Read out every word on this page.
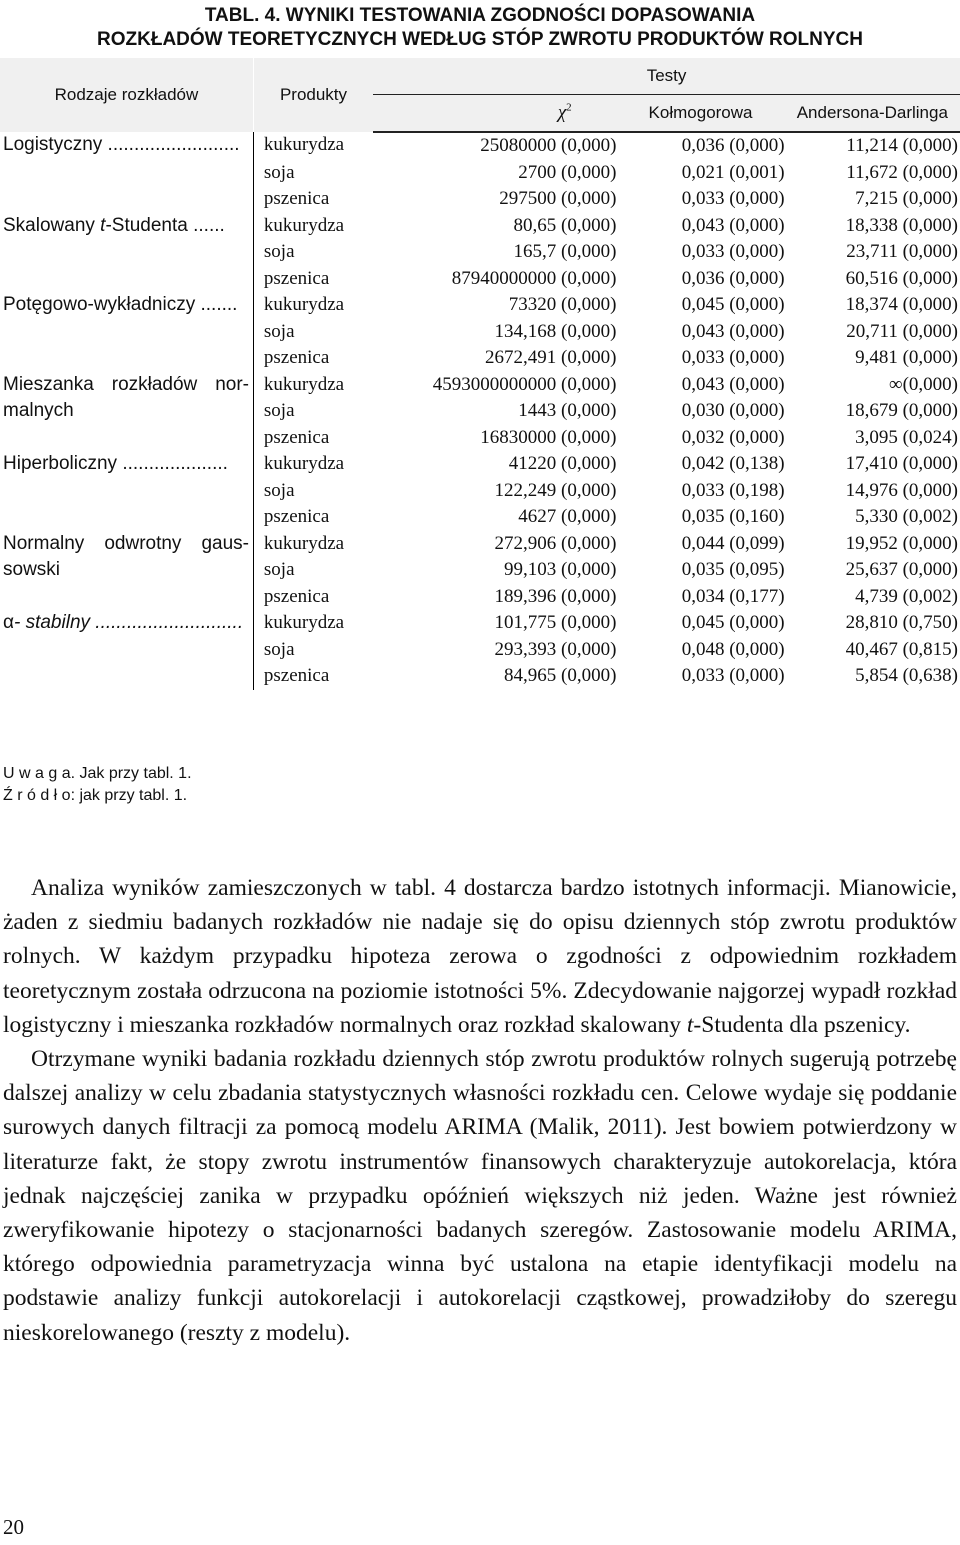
TABL. 4. WYNIKI TESTOWANIA ZGODNOŚCI DOPASOWANIA
ROZKŁADÓW TEORETYCZNYCH WEDŁUG STÓP ZWROTU PRODUKTÓW ROLNYCH
Rodzaje rozkładów	Produkty	Testy		
		$\chi^2$	Kołmogorowa	Andersona-Darlinga

Logistyczny .........................	kukurydza	25080000 (0,000)	0,036 (0,000)	11,214 (0,000)
	soja	2700 (0,000)	0,021 (0,001)	11,672 (0,000)
	pszenica	297500 (0,000)	0,033 (0,000)	7,215 (0,000)

Skalowany t-Studenta ......	kukurydza	80,65 (0,000)	0,043 (0,000)	18,338 (0,000)
	soja	165,7 (0,000)	0,033 (0,000)	23,711 (0,000)
	pszenica	87940000000 (0,000)	0,036 (0,000)	60,516 (0,000)

Potęgowo-wykładniczy .......	kukurydza	73320 (0,000)	0,045 (0,000)	18,374 (0,000)
	soja	134,168 (0,000)	0,043 (0,000)	20,711 (0,000)
	pszenica	2672,491 (0,000)	0,033 (0,000)	9,481 (0,000)

Mieszanka rozkładów nor- malnych	kukurydza	4593000000000 (0,000)	0,043 (0,000)	∞(0,000)
	soja	1443 (0,000)	0,030 (0,000)	18,679 (0,000)
	pszenica	16830000 (0,000)	0,032 (0,000)	3,095 (0,024)

Hiperboliczny ....................	kukurydza	41220 (0,000)	0,042 (0,138)	17,410 (0,000)
	soja	122,249 (0,000)	0,033 (0,198)	14,976 (0,000)
	pszenica	4627 (0,000)	0,035 (0,160)	5,330 (0,002)

Normalny odwrotny gaus- sowski	kukurydza	272,906 (0,000)	0,044 (0,099)	19,952 (0,000)
	soja	99,103 (0,000)	0,035 (0,095)	25,637 (0,000)
	pszenica	189,396 (0,000)	0,034 (0,177)	4,739 (0,002)

α- stabilny ............................	kukurydza	101,775 (0,000)	0,045 (0,000)	28,810 (0,750)
	soja	293,393 (0,000)	0,048 (0,000)	40,467 (0,815)
	pszenica	84,965 (0,000)	0,033 (0,000)	5,854 (0,638)
U w a g a. Jak przy tabl. 1.
Ź r ó d ł o: jak przy tabl. 1.

Analiza wyników zamieszczonych w tabl. 4 dostarcza bardzo istotnych informacji. Mianowicie, żaden z siedmiu badanych rozkładów nie nadaje się do opisu dziennych stóp zwrotu produktów rolnych. W każdym przypadku hipoteza zerowa o zgodności z odpowiednim rozkładem teoretycznym została odrzucona na poziomie istotności 5%. Zdecydowanie najgorzej wypadł rozkład logistyczny i mieszanka rozkładów normalnych oraz rozkład skalowany t-Studenta dla pszenicy.

Otrzymane wyniki badania rozkładu dziennych stóp zwrotu produktów rolnych sugerują potrzebę dalszej analizy w celu zbadania statystycznych własności rozkładu cen. Celowe wydaje się poddanie surowych danych filtracji za pomocą modelu ARIMA (Malik, 2011). Jest bowiem potwierdzony w literaturze fakt, że stopy zwrotu instrumentów finansowych charakteryzuje autokorelacja, która jednak najczęściej zanika w przypadku opóźnień większych niż jeden. Ważne jest również zweryfikowanie hipotezy o stacjonarności badanych szeregów. Zastosowanie modelu ARIMA, którego odpowiednia parametryzacja winna być ustalona na etapie identyfikacji modelu na podstawie analizy funkcji autokorelacji i autokorelacji cząstkowej, prowadziłoby do szeregu nieskorelowanego (reszty z modelu).

20
